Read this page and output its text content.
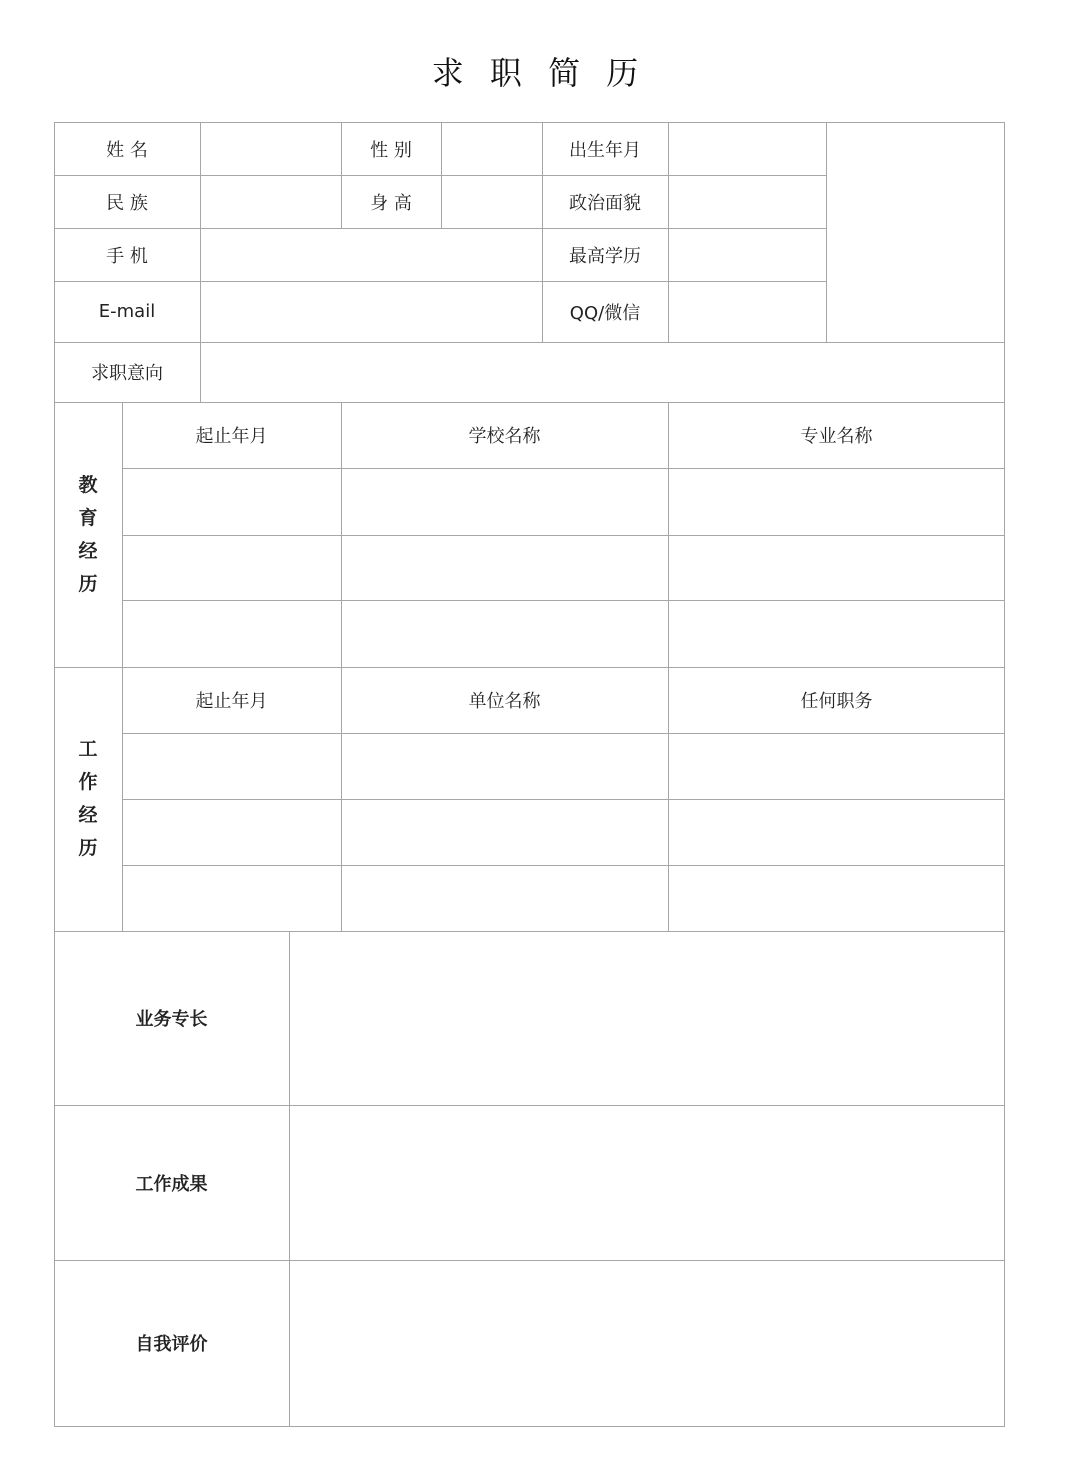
求 职 简 历
姓 名	性 别	出生年月
民 族	身 高	政治面貌
手 机	最高学历
E-mail	QQ/微信
求职意向
教育经历
起止年月	学校名称	专业名称
工作经历
起止年月	单位名称	任何职务
业务专长
工作成果
自我评价
